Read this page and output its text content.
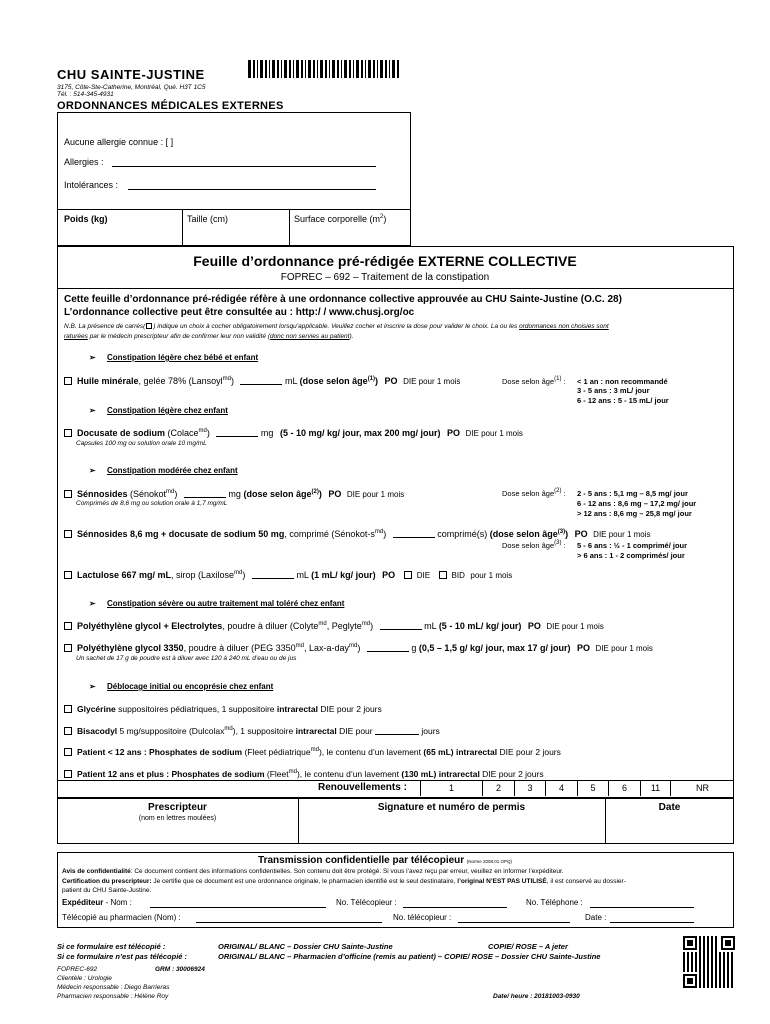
CHU SAINTE-JUSTINE
3175, Côte-Ste-Catherine, Montréal, Qué. H3T 1C5
Tél. : 514-345-4931
ORDONNANCES MÉDICALES EXTERNES
Aucune allergie connue : [ ]
Allergies :
Intolérances :
Poids (kg)	Taille (cm)	Surface corporelle $(m^2)$
Feuille d’ordonnance pré-rédigée EXTERNE COLLECTIVE
FOPREC – 692 – Traitement de la constipation
Cette feuille d’ordonnance pré-rédigée réfère à une ordonnance collective approuvée au CHU Sainte-Justine (O.C. 28)
L’ordonnance collective peut être consultée au : http:/ / www.chusj.org/oc
N.B. La présence de carrés( ) indique un choix à cocher obligatoirement lorsqu’applicable. Veuillez cocher et inscrire la dose pour valider le choix. La ou les ordonnances non choisies sont
raturées par le médecin prescripteur afin de confirmer leur non validité (donc non servies au patient).
➢ Constipation légère chez bébé et enfant
Huile minérale, gelée 78% (Lansoyl$^{md}$)	mL (dose selon âge$^{(1)}$) PO DIE pour 1 mois	Dose selon âge$^{(1)}$ : < 1 an : non recommandé
3 - 5 ans : 3 mL/ jour
6 - 12 ans : 5 - 15 mL/ jour
➢ Constipation légère chez enfant
Docusate de sodium (Colace$^{md}$)	mg (5 - 10 mg/ kg/ jour, max 200 mg/ jour) PO DIE pour 1 mois
Capsules 100 mg ou solution orale 10 mg/mL
➢ Constipation modérée chez enfant
Sénnosides (Sénokot$^{md}$)	mg (dose selon âge$^{(2)}$) PO DIE pour 1 mois
Comprimés de 8,6 mg ou solution orale à 1,7 mg/mL
Dose selon âge$^{(2)}$ : 2 - 5 ans : 5,1 mg – 8,5 mg/ jour
6 - 12 ans : 8,6 mg – 17,2 mg/ jour
> 12 ans : 8,6 mg – 25,8 mg/ jour
Sénnosides 8,6 mg + docusate de sodium 50 mg, comprimé $(Sénokot-s^{md})$	comprimé(s) (dose selon âge$^{(3)}$) PO DIE pour 1 mois
Dose selon âge$^{(3)}$ : 5 - 6 ans : ½ - 1 comprimé/ jour
> 6 ans : 1 - 2 comprimés/ jour
Lactulose 667 mg/ mL, sirop (Laxilose$^{md}$)	mL (1 mL/ kg/ jour) PO	DIE	BID pour 1 mois
➢ Constipation sévère ou autre traitement mal toléré chez enfant
Polyéthylène glycol + Electrolytes, poudre à diluer (Colyte$^{md}$, Peglyte$^{md}$)	mL (5 - 10 mL/ kg/ jour) PO DIE pour 1 mois
Polyéthylène glycol 3350, poudre à diluer (PEG $3350^{md}$, Lax-a-day$^{md}$)	g (0,5 – 1,5 g/ kg/ jour, max 17 g/ jour) PO DIE pour 1 mois
Un sachet de 17 g de poudre est à diluer avec 120 à 240 mL d’eau ou de jus
➢ Déblocage initial ou encoprésie chez enfant
Glycérine suppositoires pédiatriques, 1 suppositoire intrarectal DIE pour 2 jours
Bisacodyl 5 mg/suppositoire (Dulcolax$^{md}$), 1 suppositoire intrarectal DIE pour	jours
Patient < 12 ans : Phosphates de sodium (Fleet pédiatrique$^{md}$), le contenu d’un lavement (65 mL) intrarectal DIE pour 2 jours
Patient 12 ans et plus : Phosphates de sodium (Fleet$^{md}$), le contenu d’un lavement (130 mL) intrarectal DIE pour 2 jours
Renouvellements :	1	2	3	4	5	6	11	NR
Prescripteur
(nom en lettres moulées)
Signature et numéro de permis	Date
Transmission confidentielle par télécopieur (Norme 2008.01 OPQ)
Avis de confidentialité: Ce document contient des informations confidentielles. Son contenu doit être protégé. Si vous l’avez reçu par erreur, veuillez en informer l’expéditeur.
Certification du prescripteur: Je certifie que ce document est une ordonnance originale, le pharmacien identifié est le seul destinataire, l’original N’EST PAS UTILISÉ, il est conservé au dossier-
patient du CHU Sainte-Justine.
Expéditeur - Nom :	No. Télécopieur :	No. Téléphone :
Télécopié au pharmacien (Nom) :	No. télécopieur :	Date :
Si ce formulaire est télécopié :	ORIGINAL/ BLANC – Dossier CHU Sainte-Justine	COPIE/ ROSE – A jeter
Si ce formulaire n’est pas télécopié :	ORIGINAL/ BLANC – Pharmacien d’officine (remis au patient) – COPIE/ ROSE – Dossier CHU Sainte-Justine
FOPREC-692	GRM : 30006924
Clientèle : Urologie
Médecin responsable : Diego Barrieras
Pharmacien responsable : Hélène Roy	Date/ heure : 20181003-0930
